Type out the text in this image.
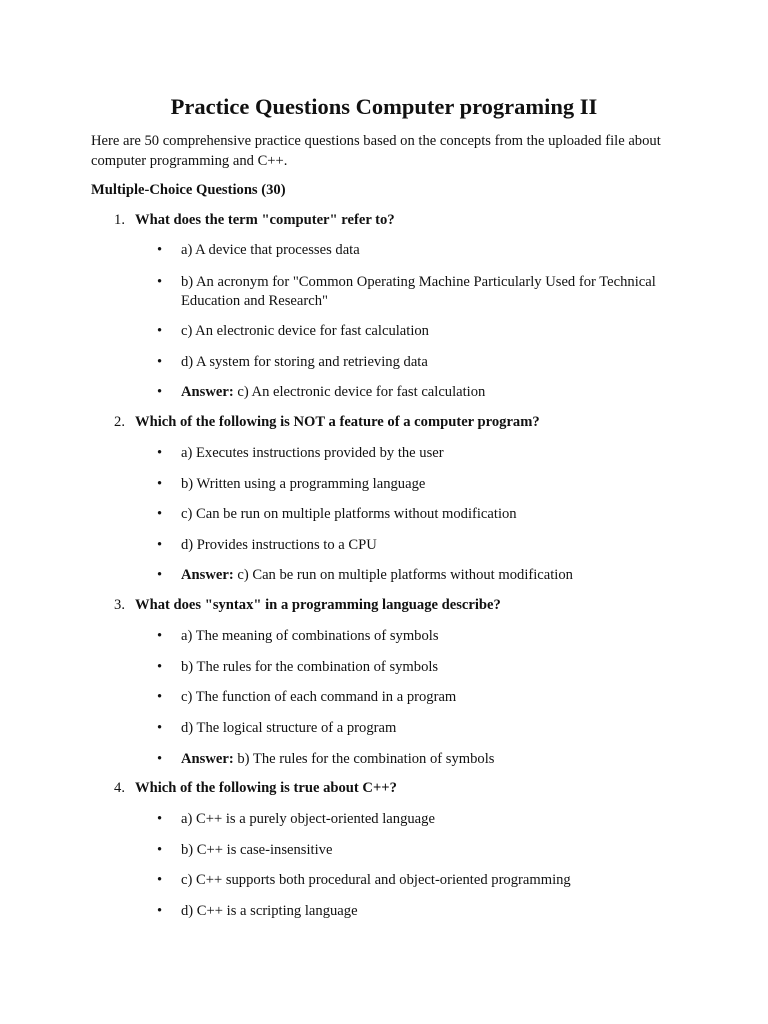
Practice Questions Computer programing II

Here are 50 comprehensive practice questions based on the concepts from the uploaded file about computer programming and C++.

Multiple-Choice Questions (30)

1. What does the term "computer" refer to?
•	a) A device that processes data
•	b) An acronym for "Common Operating Machine Particularly Used for Technical Education and Research"
•	c) An electronic device for fast calculation
•	d) A system for storing and retrieving data
•	Answer: c) An electronic device for fast calculation
2. Which of the following is NOT a feature of a computer program?
•	a) Executes instructions provided by the user
•	b) Written using a programming language
•	c) Can be run on multiple platforms without modification
•	d) Provides instructions to a CPU
•	Answer: c) Can be run on multiple platforms without modification
3. What does "syntax" in a programming language describe?
•	a) The meaning of combinations of symbols
•	b) The rules for the combination of symbols
•	c) The function of each command in a program
•	d) The logical structure of a program
•	Answer: b) The rules for the combination of symbols
4. Which of the following is true about C++?
•	a) C++ is a purely object-oriented language
•	b) C++ is case-insensitive
•	c) C++ supports both procedural and object-oriented programming
•	d) C++ is a scripting language
